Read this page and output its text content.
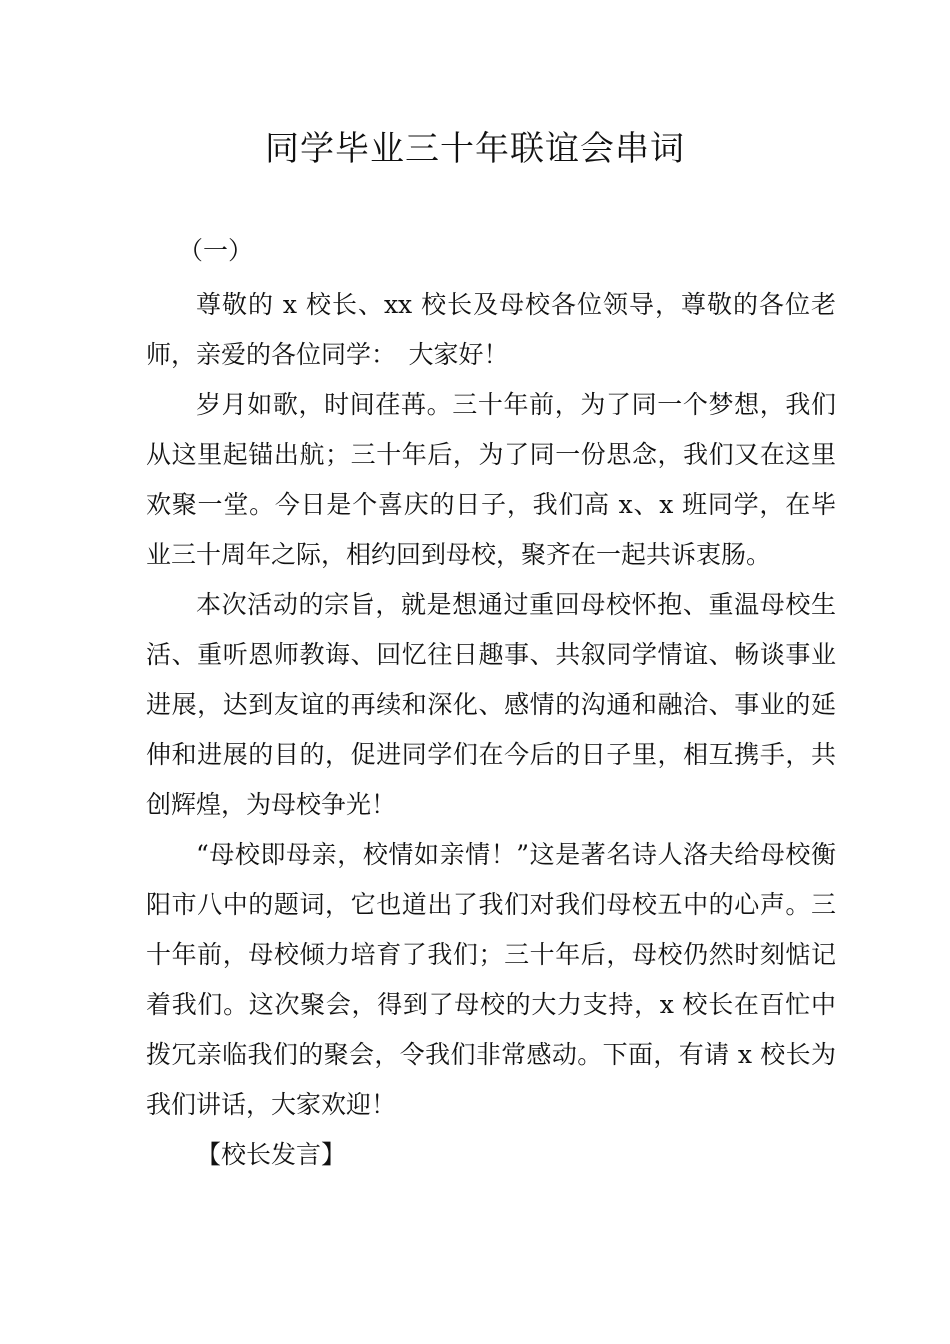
同学毕业三十年联谊会串词

（一）

尊敬的 x 校长、xx 校长及母校各位领导，尊敬的各位老师，亲爱的各位同学：　大家好！

岁月如歌，时间荏苒。三十年前，为了同一个梦想，我们从这里起锚出航；三十年后，为了同一份思念，我们又在这里欢聚一堂。今日是个喜庆的日子，我们高 x、x 班同学，在毕业三十周年之际，相约回到母校，聚齐在一起共诉衷肠。

本次活动的宗旨，就是想通过重回母校怀抱、重温母校生活、重听恩师教诲、回忆往日趣事、共叙同学情谊、畅谈事业进展，达到友谊的再续和深化、感情的沟通和融洽、事业的延伸和进展的目的，促进同学们在今后的日子里，相互携手，共创辉煌，为母校争光！

“母校即母亲，校情如亲情！”这是著名诗人洛夫给母校衡阳市八中的题词，它也道出了我们对我们母校五中的心声。三十年前，母校倾力培育了我们；三十年后，母校仍然时刻惦记着我们。这次聚会，得到了母校的大力支持，x 校长在百忙中拨冗亲临我们的聚会，令我们非常感动。下面，有请 x 校长为我们讲话，大家欢迎！

【校长发言】
